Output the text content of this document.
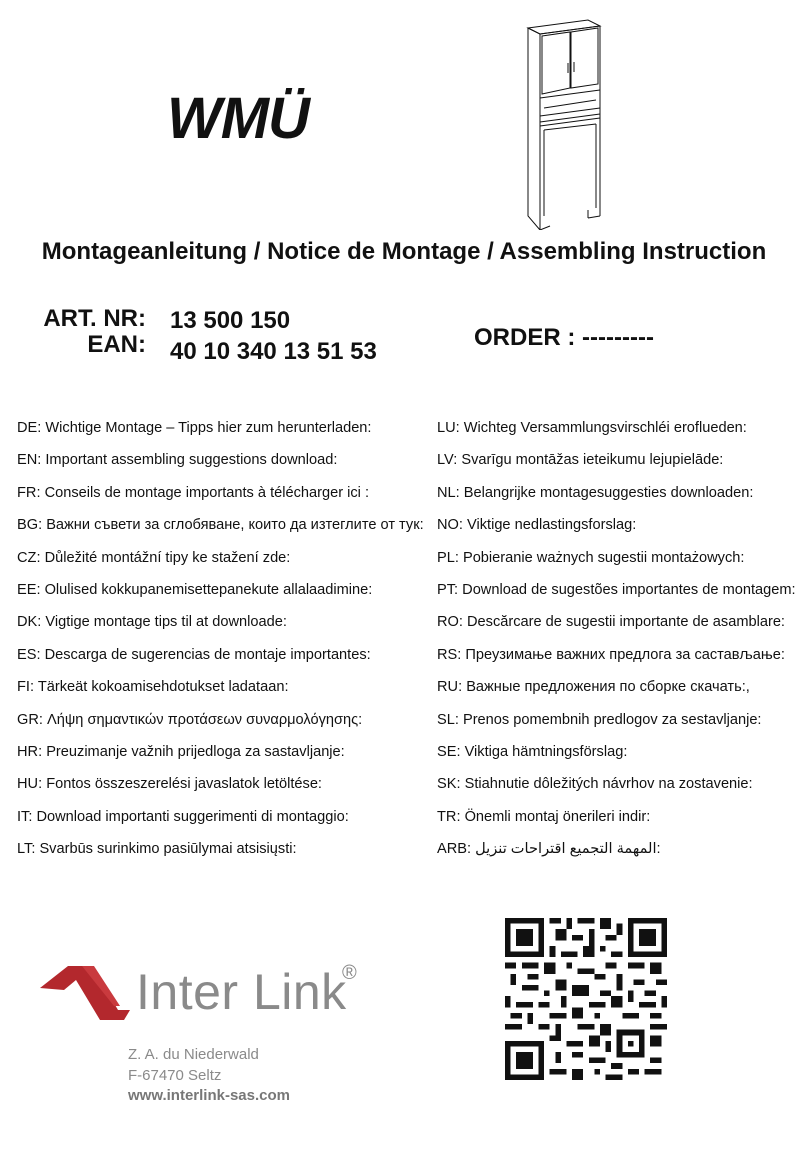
WMÜ
Montageanleitung / Notice de Montage / Assembling Instruction
ART. NR:
EAN:
13 500 150
40 10 340 13 51 53
ORDER : ---------
DE: Wichtige Montage – Tipps hier zum herunterladen:
EN: Important assembling suggestions download:
FR: Conseils de montage importants à télécharger ici :
BG: Важни съвети за сглобяване, които да изтеглите от тук:
CZ: Důležité montážní tipy ke stažení zde:
EE: Olulised kokkupanemisettepanekute allalaadimine:
DK: Vigtige montage tips til at downloade:
ES: Descarga de sugerencias de montaje importantes:
FI: Tärkeät kokoamisehdotukset ladataan:
GR: Λήψη σημαντικών προτάσεων συναρμολόγησης:
HR: Preuzimanje važnih prijedloga za sastavljanje:
HU: Fontos összeszerelési javaslatok letöltése:
IT: Download importanti suggerimenti di montaggio:
LT: Svarbūs surinkimo pasiūlymai atsisiųsti:
LU: Wichteg Versammlungsvirschléi eroflueden:
LV: Svarīgu montāžas ieteikumu lejupielāde:
NL: Belangrijke montagesuggesties downloaden:
NO: Viktige nedlastingsforslag:
PL: Pobieranie ważnych sugestii montażowych:
PT: Download de sugestões importantes de montagem:
RO: Descărcare de sugestii importante de asamblare:
RS: Преузимање важних предлога за састављање:
RU: Важные предложения по сборке скачать:,
SL: Prenos pomembnih predlogov za sestavljanje:
SE: Viktiga hämtningsförslag:
SK: Stiahnutie dôležitých návrhov na zostavenie:
TR: Önemli montaj önerileri indir:
ARB: المهمة التجميع اقتراحات تنزيل:
Inter Link
®
Z. A. du Niederwald
F-67470 Seltz
www.interlink-sas.com
